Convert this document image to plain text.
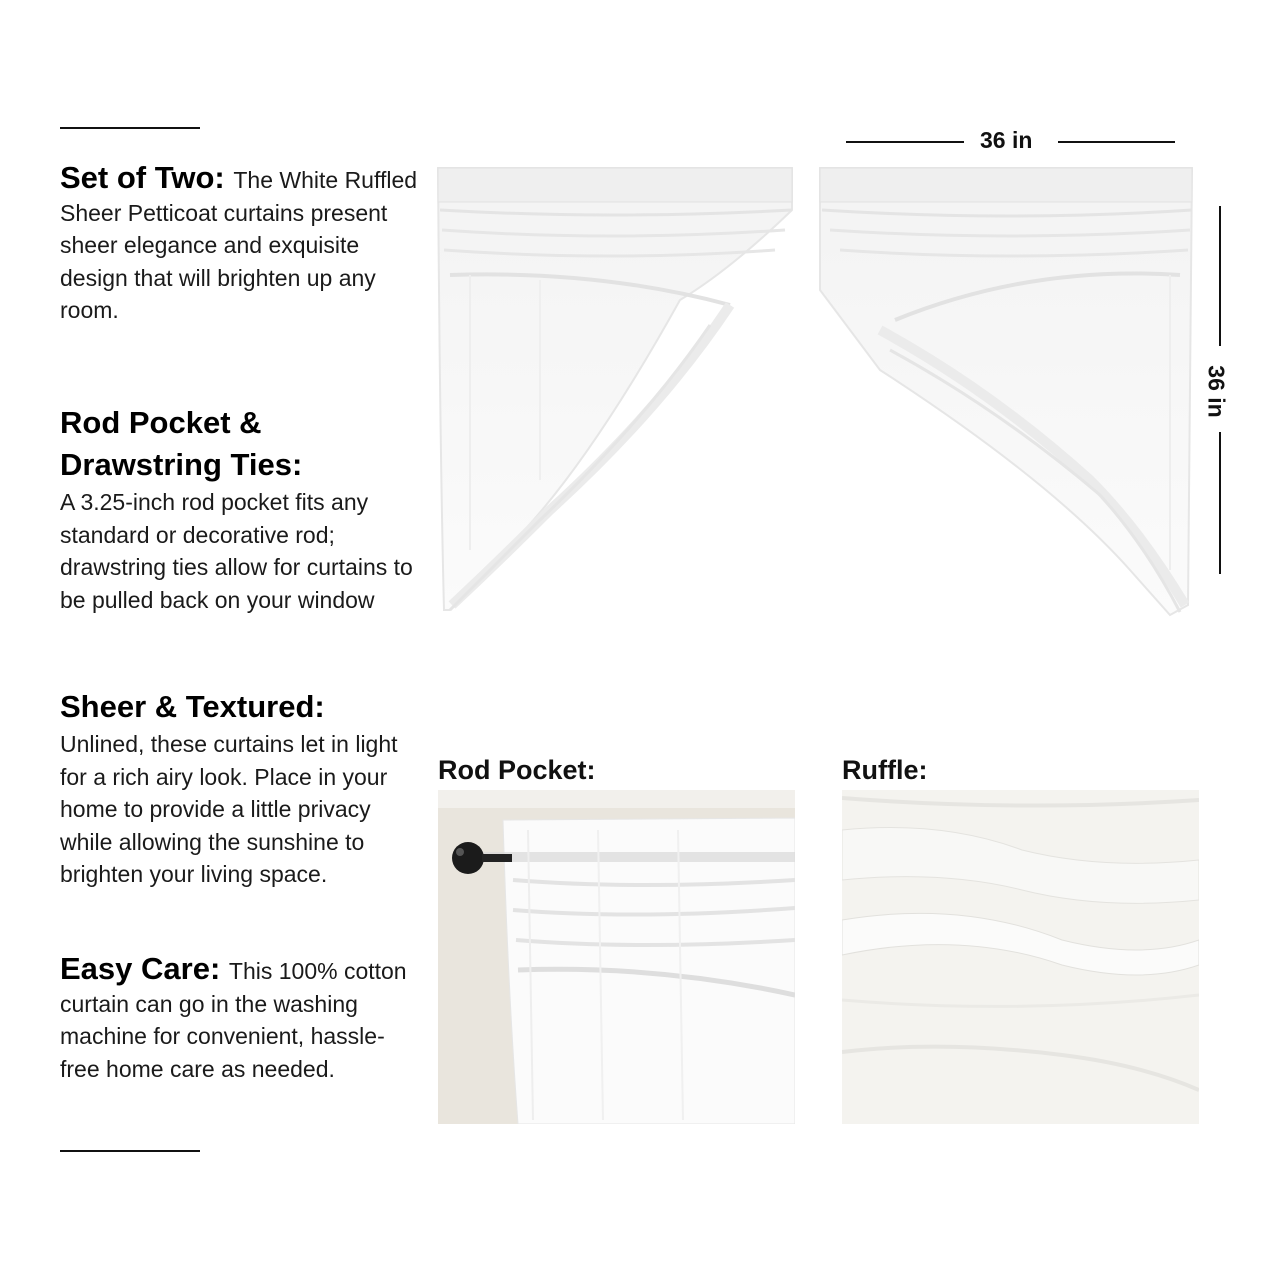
Set of Two: The White Ruffled Sheer Petticoat curtains present sheer elegance and exquisite design that will brighten up any room.
Rod Pocket & Drawstring Ties:
A 3.25-inch rod pocket fits any standard or decorative rod; drawstring ties allow for curtains to be pulled back on your window
Sheer & Textured:
Unlined, these curtains let in light for a rich airy look. Place in your home to provide a little privacy while allowing the sunshine to brighten your living space.
Easy Care: This 100% cotton curtain can go in the washing machine for convenient, hassle-free home care as needed.
36 in
36 in
Rod Pocket:	Ruffle:
